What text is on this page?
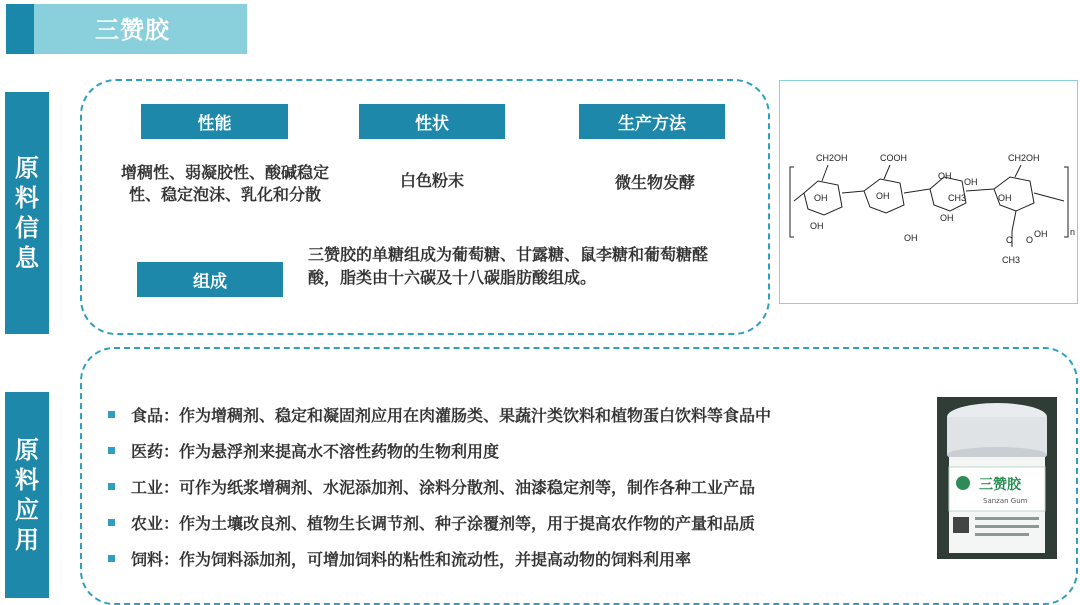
三赞胶
原
料
信
息
原
料
应
用
性能	性状	生产方法
组成
增稠性、弱凝胶性、酸碱稳定性、稳定泡沫、乳化和分散
白色粉末	微生物发酵
三赞胶的单糖组成为葡萄糖、甘露糖、鼠李糖和葡萄糖醛酸，脂类由十六碳及十八碳脂肪酸组成。
CH2OH	COOH
OH
OH
OH
OH
OH
OH
CH3
OH
CH2OH
OH
OH
C O
CH3
n
食品：作为增稠剂、稳定和凝固剂应用在肉灌肠类、果蔬汁类饮料和植物蛋白饮料等食品中
医药：作为悬浮剂来提高水不溶性药物的生物利用度
工业：可作为纸浆增稠剂、水泥添加剂、涂料分散剂、油漆稳定剂等，制作各种工业产品
农业：作为土壤改良剂、植物生长调节剂、种子涂覆剂等，用于提高农作物的产量和品质
饲料：作为饲料添加剂，可增加饲料的粘性和流动性，并提高动物的饲料利用率
三赞胶
Sanzan Gum
